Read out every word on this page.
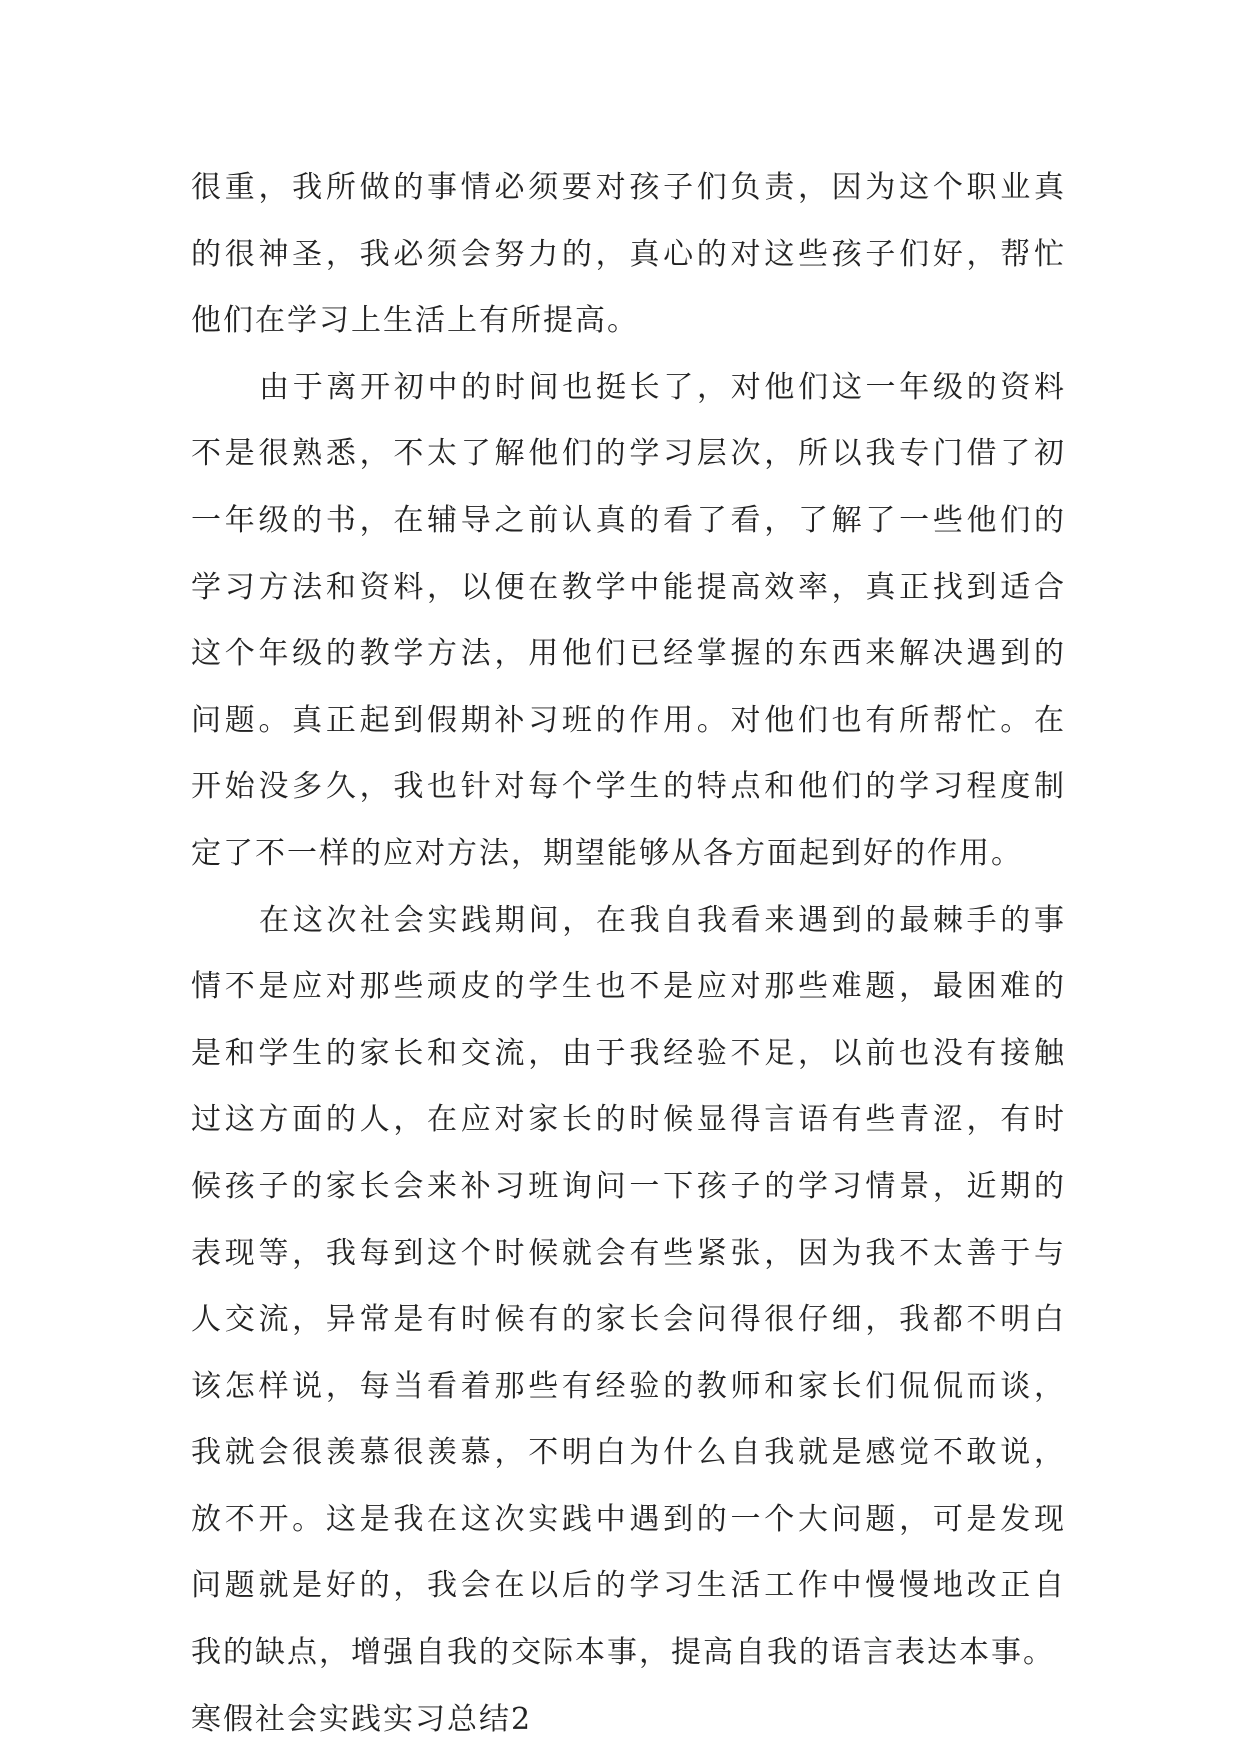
很重，我所做的事情必须要对孩子们负责，因为这个职业真
的很神圣，我必须会努力的，真心的对这些孩子们好，帮忙
他们在学习上生活上有所提高。
由于离开初中的时间也挺长了，对他们这一年级的资料
不是很熟悉，不太了解他们的学习层次，所以我专门借了初
一年级的书，在辅导之前认真的看了看，了解了一些他们的
学习方法和资料，以便在教学中能提高效率，真正找到适合
这个年级的教学方法，用他们已经掌握的东西来解决遇到的
问题。真正起到假期补习班的作用。对他们也有所帮忙。在
开始没多久，我也针对每个学生的特点和他们的学习程度制
定了不一样的应对方法，期望能够从各方面起到好的作用。
在这次社会实践期间，在我自我看来遇到的最棘手的事
情不是应对那些顽皮的学生也不是应对那些难题，最困难的
是和学生的家长和交流，由于我经验不足，以前也没有接触
过这方面的人，在应对家长的时候显得言语有些青涩，有时
候孩子的家长会来补习班询问一下孩子的学习情景，近期的
表现等，我每到这个时候就会有些紧张，因为我不太善于与
人交流，异常是有时候有的家长会问得很仔细，我都不明白
该怎样说，每当看着那些有经验的教师和家长们侃侃而谈，
我就会很羡慕很羡慕，不明白为什么自我就是感觉不敢说，
放不开。这是我在这次实践中遇到的一个大问题，可是发现
问题就是好的，我会在以后的学习生活工作中慢慢地改正自
我的缺点，增强自我的交际本事，提高自我的语言表达本事。
寒假社会实践实习总结2
